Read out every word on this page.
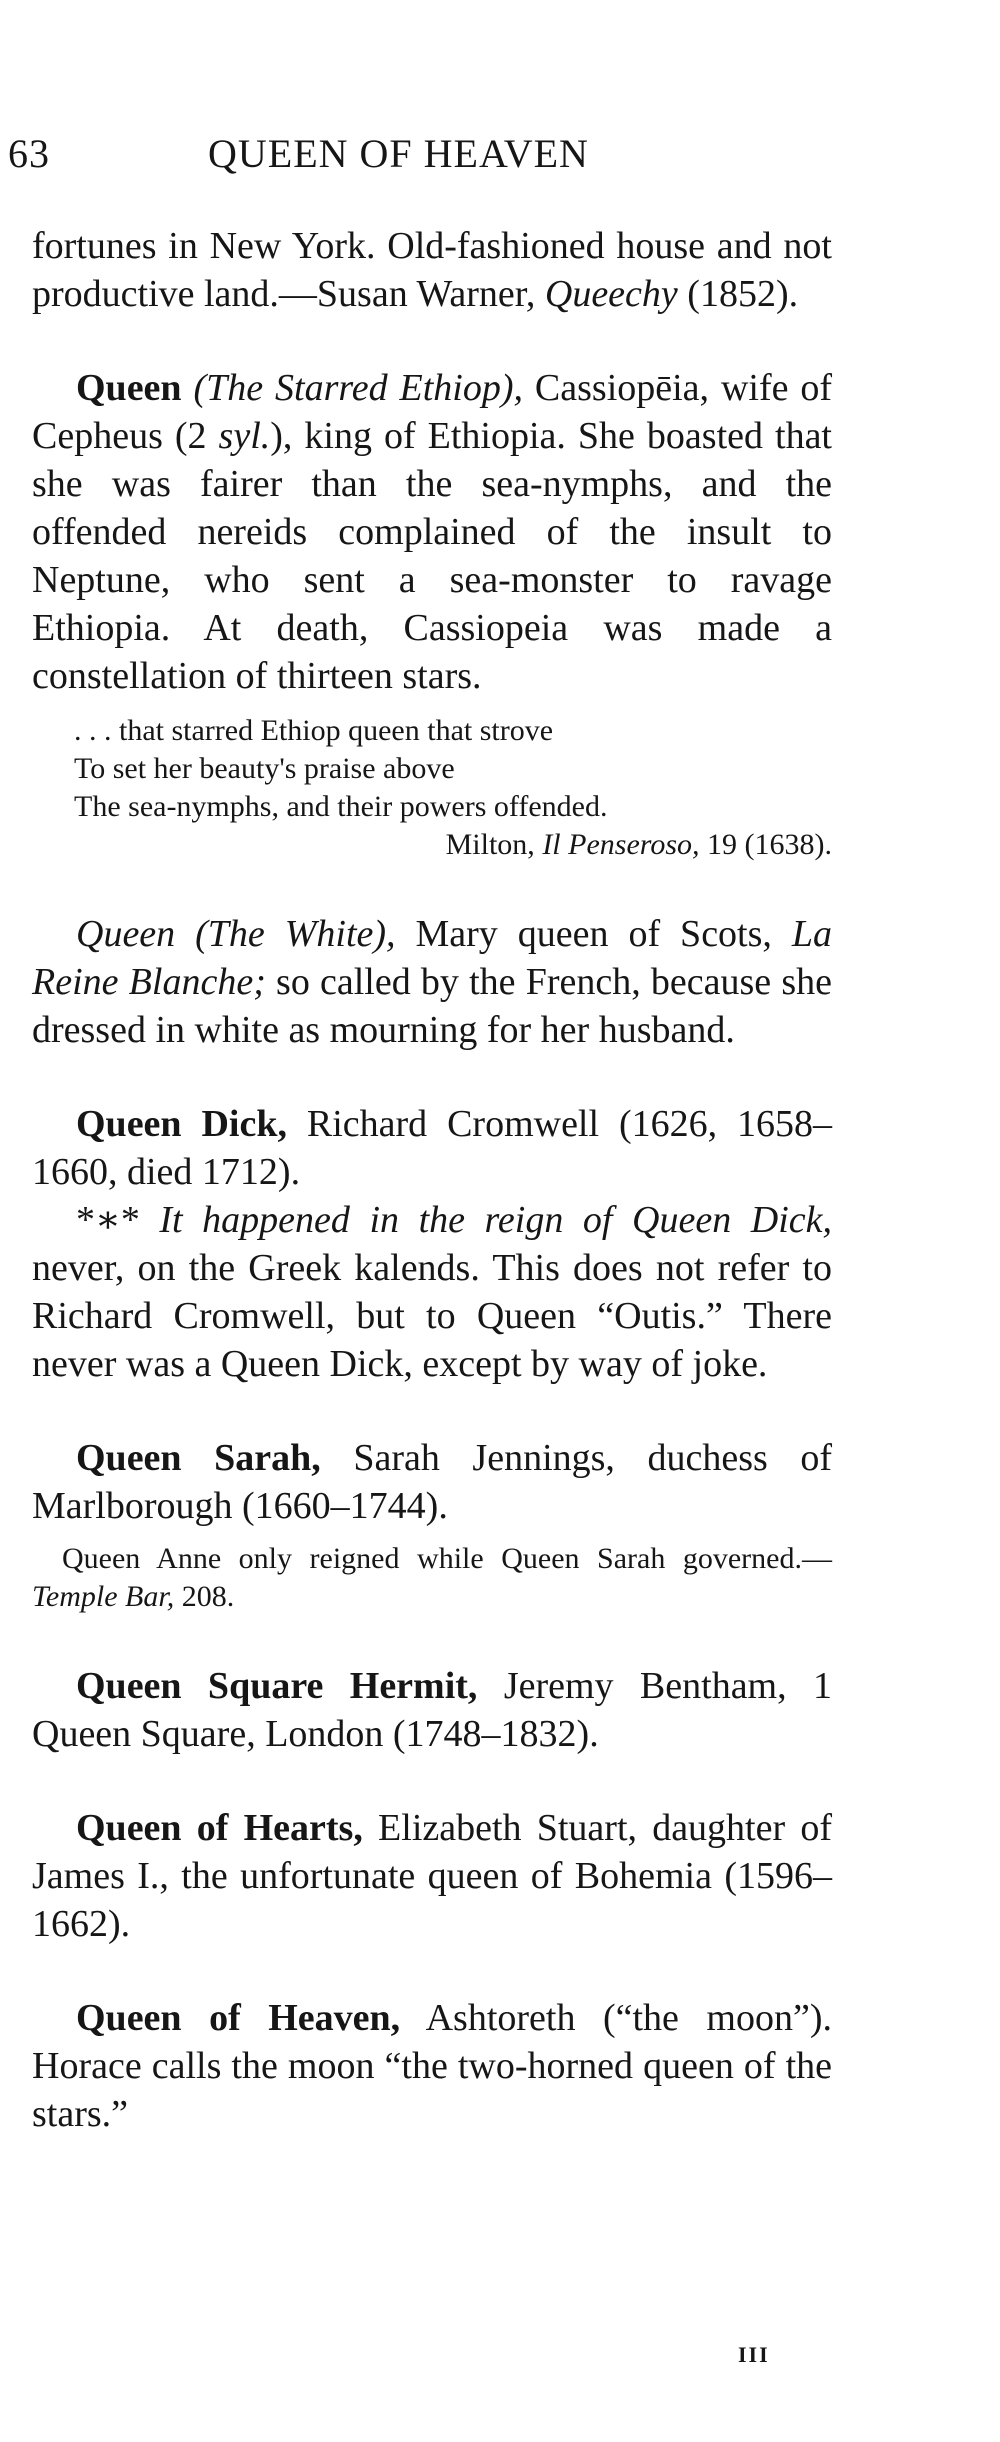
63	QUEEN OF HEAVEN

fortunes in New York. Old-fashioned house and not productive land.—Susan Warner, Queechy (1852).

Queen (The Starred Ethiop), Cassiopēia, wife of Cepheus (2 syl.), king of Ethiopia. She boasted that she was fairer than the sea-nymphs, and the offended nereids complained of the insult to Neptune, who sent a sea-monster to ravage Ethiopia. At death, Cassiopeia was made a constellation of thirteen stars.

. . . that starred Ethiop queen that strove

To set her beauty's praise above

The sea-nymphs, and their powers offended.

Milton, Il Penseroso, 19 (1638).

Queen (The White), Mary queen of Scots, La Reine Blanche; so called by the French, because she dressed in white as mourning for her husband.

Queen Dick, Richard Cromwell (1626, 1658–1660, died 1712).

*∗* It happened in the reign of Queen Dick, never, on the Greek kalends. This does not refer to Richard Cromwell, but to Queen “Outis.” There never was a Queen Dick, except by way of joke.

Queen Sarah, Sarah Jennings, duchess of Marlborough (1660–1744).

Queen Anne only reigned while Queen Sarah governed.—Temple Bar, 208.

Queen Square Hermit, Jeremy Bentham, 1 Queen Square, London (1748–1832).

Queen of Hearts, Elizabeth Stuart, daughter of James I., the unfortunate queen of Bohemia (1596–1662).

Queen of Heaven, Ashtoreth (“the moon”). Horace calls the moon “the two-horned queen of the stars.”

III
